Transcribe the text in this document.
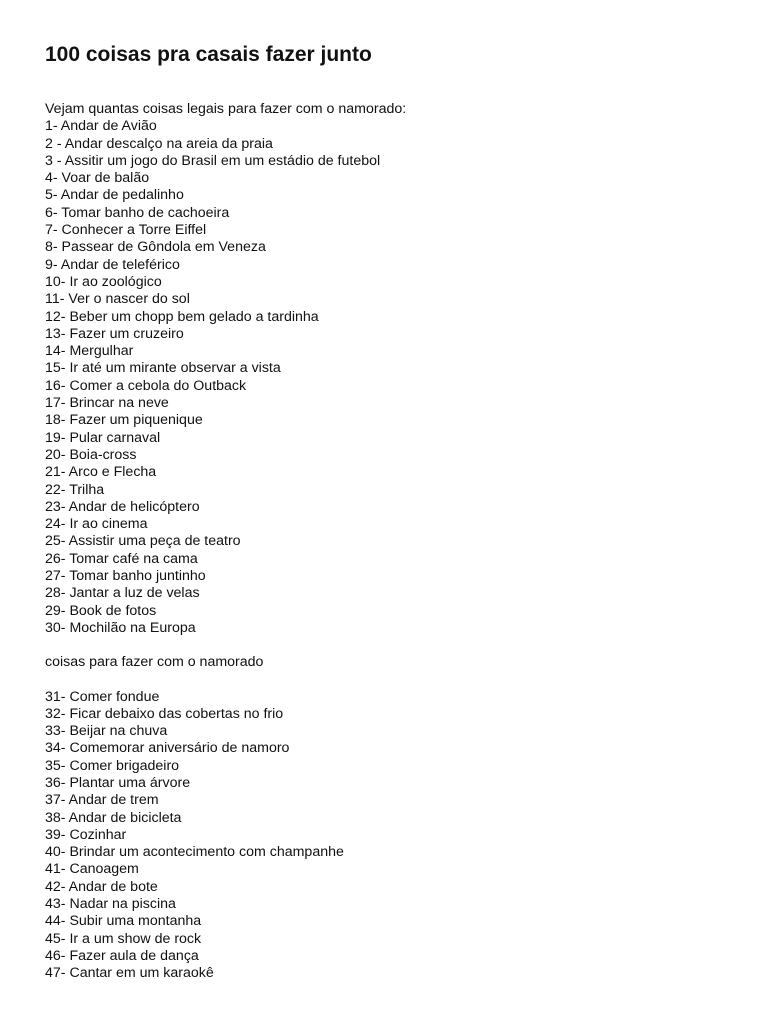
100 coisas pra casais fazer junto
Vejam quantas coisas legais para fazer com o namorado:
1- Andar de Avião
2 - Andar descalço na areia da praia
3 - Assitir um jogo do Brasil em um estádio de futebol
4- Voar de balão
5- Andar de pedalinho
6- Tomar banho de cachoeira
7- Conhecer a Torre Eiffel
8- Passear de Gôndola em Veneza
9- Andar de teleférico
10- Ir ao zoológico
11- Ver o nascer do sol
12- Beber um chopp bem gelado a tardinha
13- Fazer um cruzeiro
14- Mergulhar
15- Ir até um mirante observar a vista
16- Comer a cebola do Outback
17- Brincar na neve
18- Fazer um piquenique
19- Pular carnaval
20- Boia-cross
21- Arco e Flecha
22- Trilha
23- Andar de helicóptero
24- Ir ao cinema
25- Assistir uma peça de teatro
26- Tomar café na cama
27- Tomar banho juntinho
28- Jantar a luz de velas
29- Book de fotos
30- Mochilão na Europa
coisas para fazer com o namorado
31- Comer fondue
32- Ficar debaixo das cobertas no frio
33- Beijar na chuva
34- Comemorar aniversário de namoro
35- Comer brigadeiro
36- Plantar uma árvore
37- Andar de trem
38- Andar de bicicleta
39- Cozinhar
40- Brindar um acontecimento com champanhe
41- Canoagem
42- Andar de bote
43- Nadar na piscina
44- Subir uma montanha
45- Ir a um show de rock
46- Fazer aula de dança
47- Cantar em um karaokê
